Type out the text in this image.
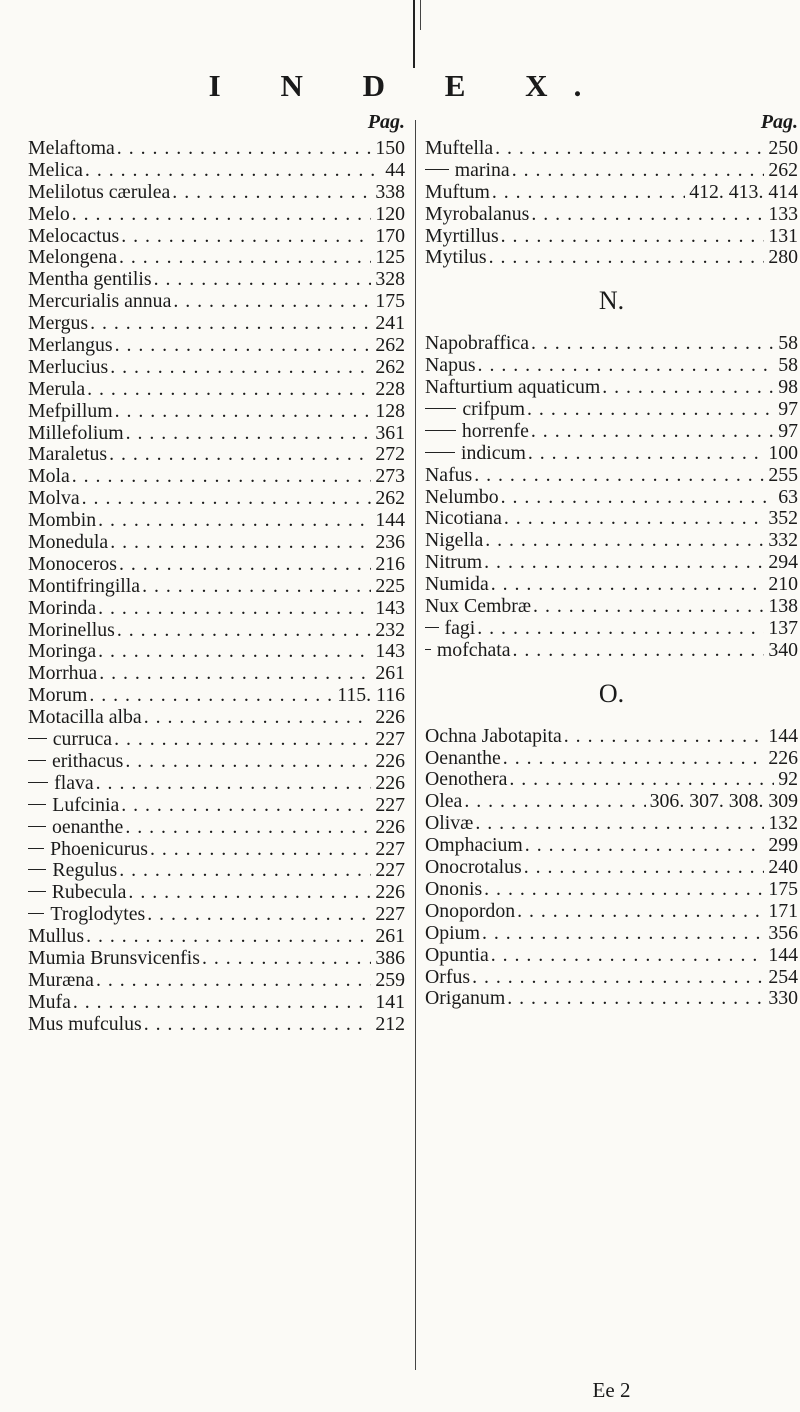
I N D E X.
Pag.
Melaftoma . . .	150
Melica . . .	44
Melilotus cærulea . . .	338
Melo . . .	120
Melocactus . . .	170
Melongena . . .	125
Mentha gentilis . . .	328
Mercurialis annua . . .	175
Mergus . . .	241
Merlangus . . .	262
Merlucius . . .	262
Merula . . .	228
Mefpillum . . .	128
Millefolium . . .	361
Maraletus . . .	272
Mola . . .	273
Molva . . .	262
Mombin . . .	144
Monedula . . .	236
Monoceros . . .	216
Montifringilla . . .	225
Morinda . . .	143
Morinellus . . .	232
Moringa . . .	143
Morrhua . . .	261
Morum . . .	115. 116
Motacilla alba . . .	226
curruca . . .	227
erithacus . . .	226
flava . . .	226
Lufcinia . . .	227
oenanthe . . .	226
Phoenicurus . . .	227
Regulus . . .	227
Rubecula . . .	226
Troglodytes . . .	227
Mullus . . .	261
Mumia Brunsvicenfis . . .	386
Muræna . . .	259
Mufa . . .	141
Mus mufculus . . .	212
Pag.
Muftella . . .	250
marina . . .	262
Muftum . . .	412. 413. 414
Myrobalanus . . .	133
Myrtillus . . .	131
Mytilus . . .	280
N.
Napobraffica . . .	58
Napus . . .	58
Nafturtium aquaticum . . .	98
crifpum . . .	97
horrenfe . . .	97
indicum . . .	100
Nafus . . .	255
Nelumbo . . .	63
Nicotiana . . .	352
Nigella . . .	332
Nitrum . . .	294
Numida . . .	210
Nux Cembræ . . .	138
fagi . . .	137
mofchata . . .	340
O.
Ochna Jabotapita . . .	144
Oenanthe . . .	226
Oenothera . . .	92
Olea . . .	306. 307. 308. 309
Olivæ . . .	132
Omphacium . . .	299
Onocrotalus . . .	240
Ononis . . .	175
Onopordon . . .	171
Opium . . .	356
Opuntia . . .	144
Orfus . . .	254
Origanum . . .	330
Ee 2
